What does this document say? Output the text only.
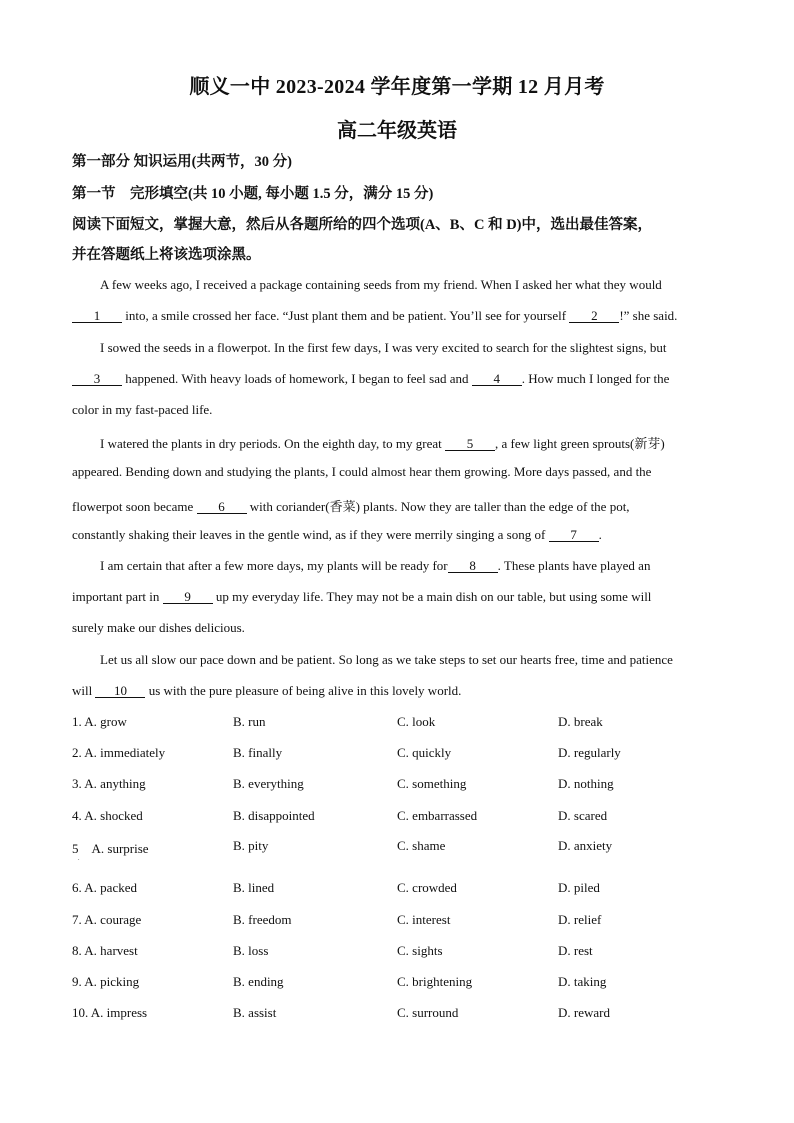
顺义一中 2023-2024 学年度第一学期 12 月月考
高二年级英语
第一部分 知识运用(共两节，30 分)
第一节　完形填空(共 10 小题, 每小题 1.5 分，满分 15 分)
阅读下面短文，掌握大意，然后从各题所给的四个选项(A、B、C 和 D)中，选出最佳答案，
并在答题纸上将该选项涂黑。
A few weeks ago, I received a package containing seeds from my friend. When I asked her what they would
1 into, a smile crossed her face. “Just plant them and be patient. You’ll see for yourself 2 !” she said.
I sowed the seeds in a flowerpot. In the first few days, I was very excited to search for the slightest signs, but
3 happened. With heavy loads of homework, I began to feel sad and 4 . How much I longed for the
color in my fast-paced life.
I watered the plants in dry periods. On the eighth day, to my great 5 , a few light green sprouts(新芽)
appeared. Bending down and studying the plants, I could almost hear them growing. More days passed, and the
flowerpot soon became 6 with coriander(香菜) plants. Now they are taller than the edge of the pot,
constantly shaking their leaves in the gentle wind, as if they were merrily singing a song of 7 .
I am certain that after a few more days, my plants will be ready for 8 . These plants have played an
important part in 9 up my everyday life. They may not be a main dish on our table, but using some will
surely make our dishes delicious.
Let us all slow our pace down and be patient. So long as we take steps to set our hearts free, time and patience
will 10 us with the pure pleasure of being alive in this lovely world.
1. A. grow	B. run	C. look	D. break
2. A. immediately	B. finally	C. quickly	D. regularly
3. A. anything	B. everything	C. something	D. nothing
4. A. shocked	B. disappointed	C. embarrassed	D. scared
5　A. surprise	B. pity	C. shame	D. anxiety
.
6. A. packed	B. lined	C. crowded	D. piled
7. A. courage	B. freedom	C. interest	D. relief
8. A. harvest	B. loss	C. sights	D. rest
9. A. picking	B. ending	C. brightening	D. taking
10. A. impress	B. assist	C. surround	D. reward
